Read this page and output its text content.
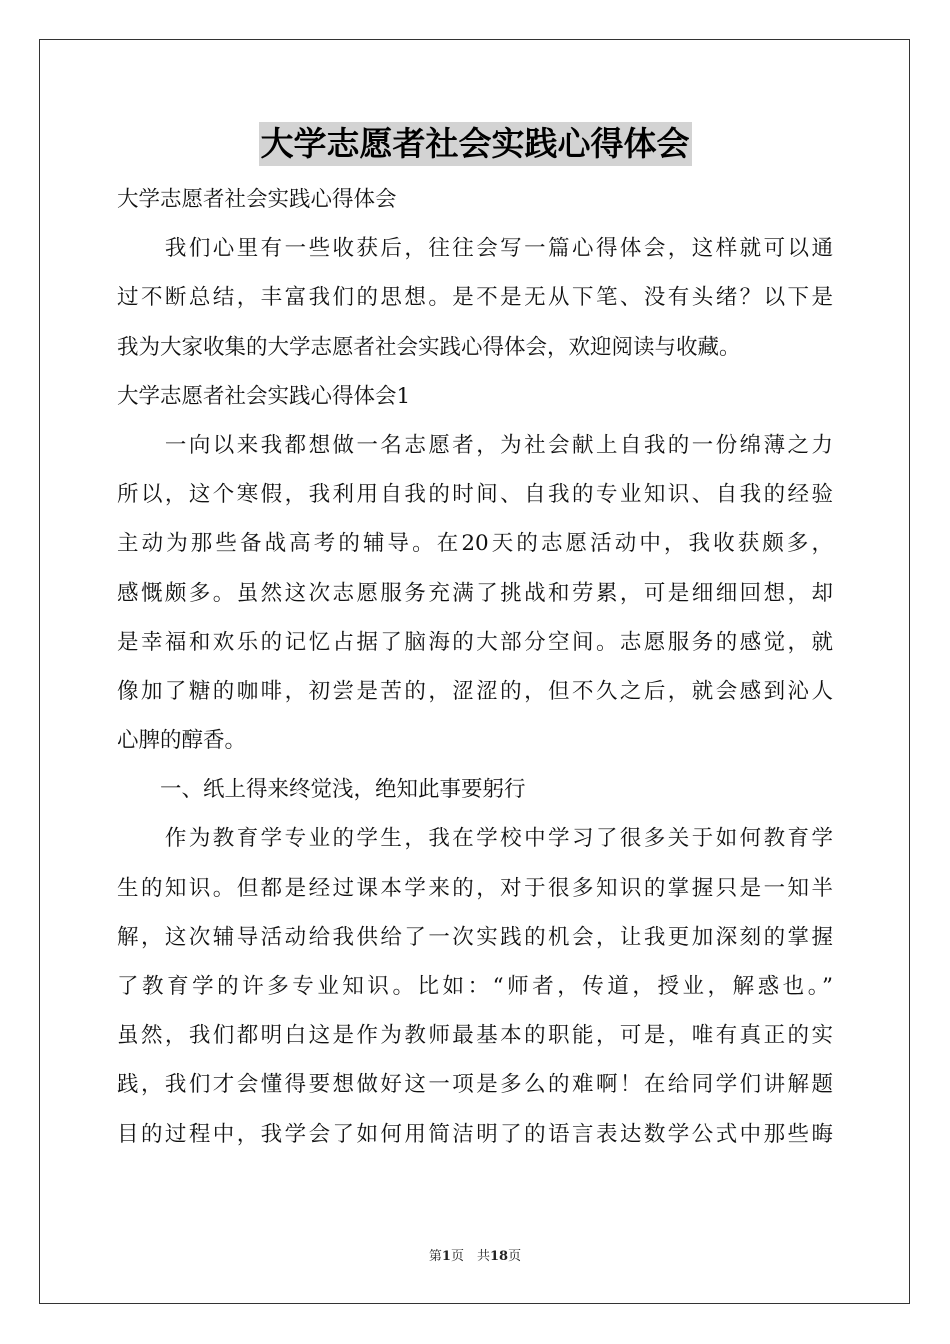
大学志愿者社会实践心得体会
大学志愿者社会实践心得体会
　　我们心里有一些收获后，往往会写一篇心得体会，这样就可以通
过不断总结，丰富我们的思想。是不是无从下笔、没有头绪？以下是
我为大家收集的大学志愿者社会实践心得体会，欢迎阅读与收藏。
大学志愿者社会实践心得体会1
　　一向以来我都想做一名志愿者，为社会献上自我的一份绵薄之力
所以，这个寒假，我利用自我的时间、自我的专业知识、自我的经验
主动为那些备战高考的辅导。在20天的志愿活动中，我收获颇多，
感慨颇多。虽然这次志愿服务充满了挑战和劳累，可是细细回想，却
是幸福和欢乐的记忆占据了脑海的大部分空间。志愿服务的感觉，就
像加了糖的咖啡，初尝是苦的，涩涩的，但不久之后，就会感到沁人
心脾的醇香。
　　一、纸上得来终觉浅，绝知此事要躬行
　　作为教育学专业的学生，我在学校中学习了很多关于如何教育学
生的知识。但都是经过课本学来的，对于很多知识的掌握只是一知半
解，这次辅导活动给我供给了一次实践的机会，让我更加深刻的掌握
了教育学的许多专业知识。比如：“师者，传道，授业，解惑也。”
虽然，我们都明白这是作为教师最基本的职能，可是，唯有真正的实
践，我们才会懂得要想做好这一项是多么的难啊！在给同学们讲解题
目的过程中，我学会了如何用简洁明了的语言表达数学公式中那些晦
第1页　共18页
